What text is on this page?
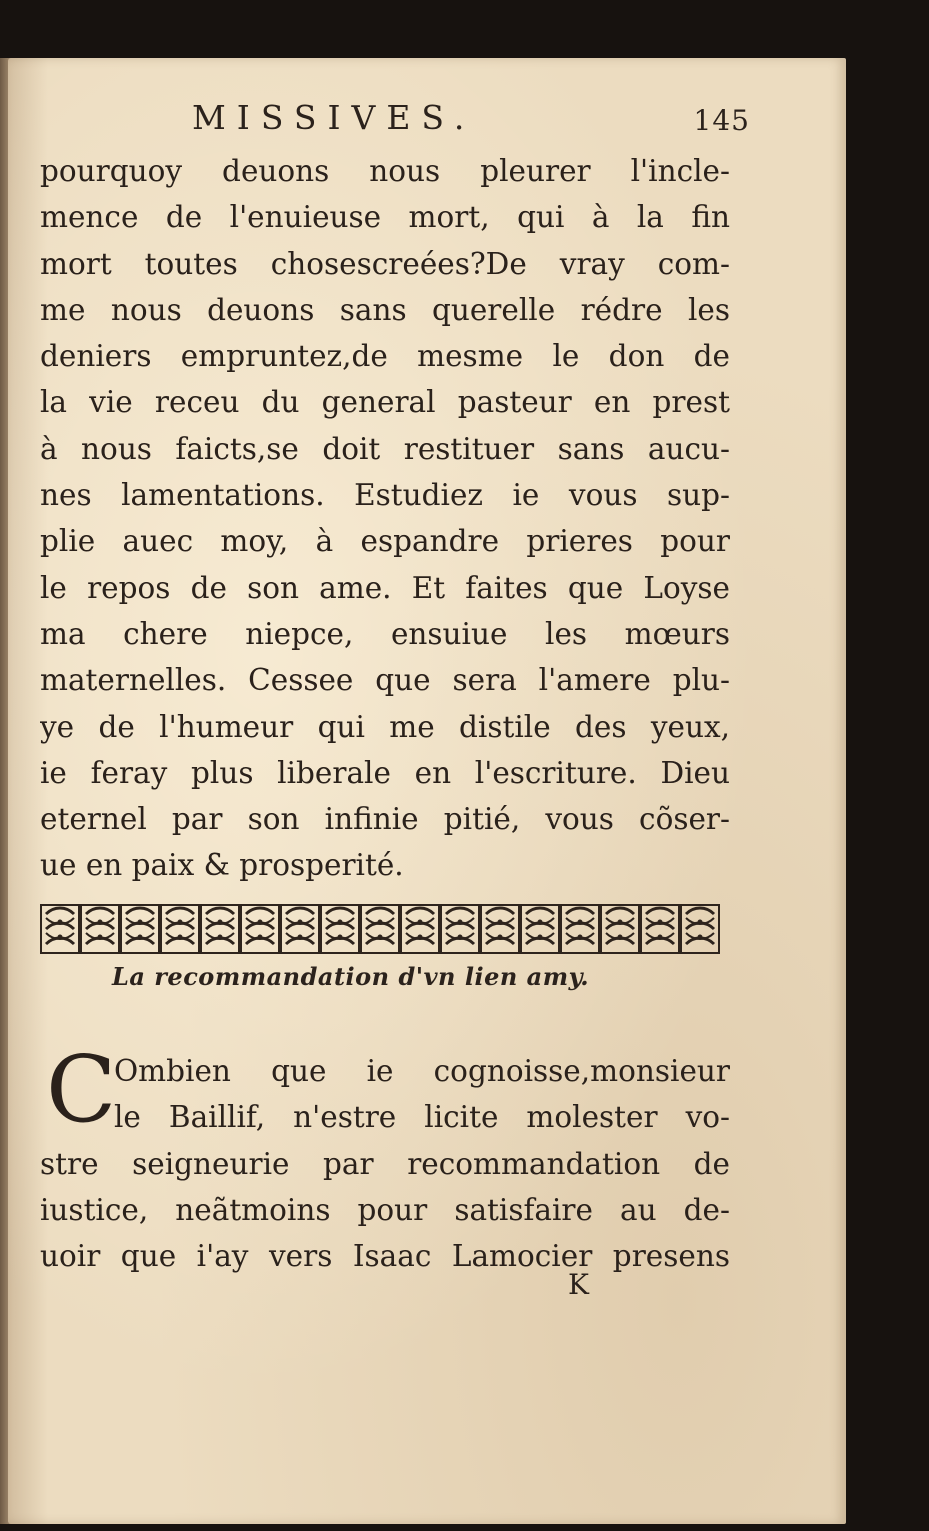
MISSIVES.	145
pourquoy deuons nous pleurer l'incle-
mence de l'enuieuse mort, qui à la fin
mort toutes chosescreées?De vray com-
me nous deuons sans querelle rédre les
deniers empruntez,de mesme le don de
la vie receu du general pasteur en prest
à nous faicts,se doit restituer sans aucu-
nes lamentations. Estudiez ie vous sup-
plie auec moy, à espandre prieres pour
le repos de son ame. Et faites que Loyse
ma chere niepce, ensuiue les mœurs
maternelles. Cessee que sera l'amere plu-
ye de l'humeur qui me distile des yeux,
ie feray plus liberale en l'escriture. Dieu
eternel par son infinie pitié, vous cõser-
ue en paix & prosperité.
La recommandation d'vn lien amy.
C
Ombien que ie cognoisse,monsieur
le Baillif, n'estre licite molester vo-
stre seigneurie par recommandation de
iustice, neãtmoins pour satisfaire au de-
uoir que i'ay vers Isaac Lamocier presens
K
